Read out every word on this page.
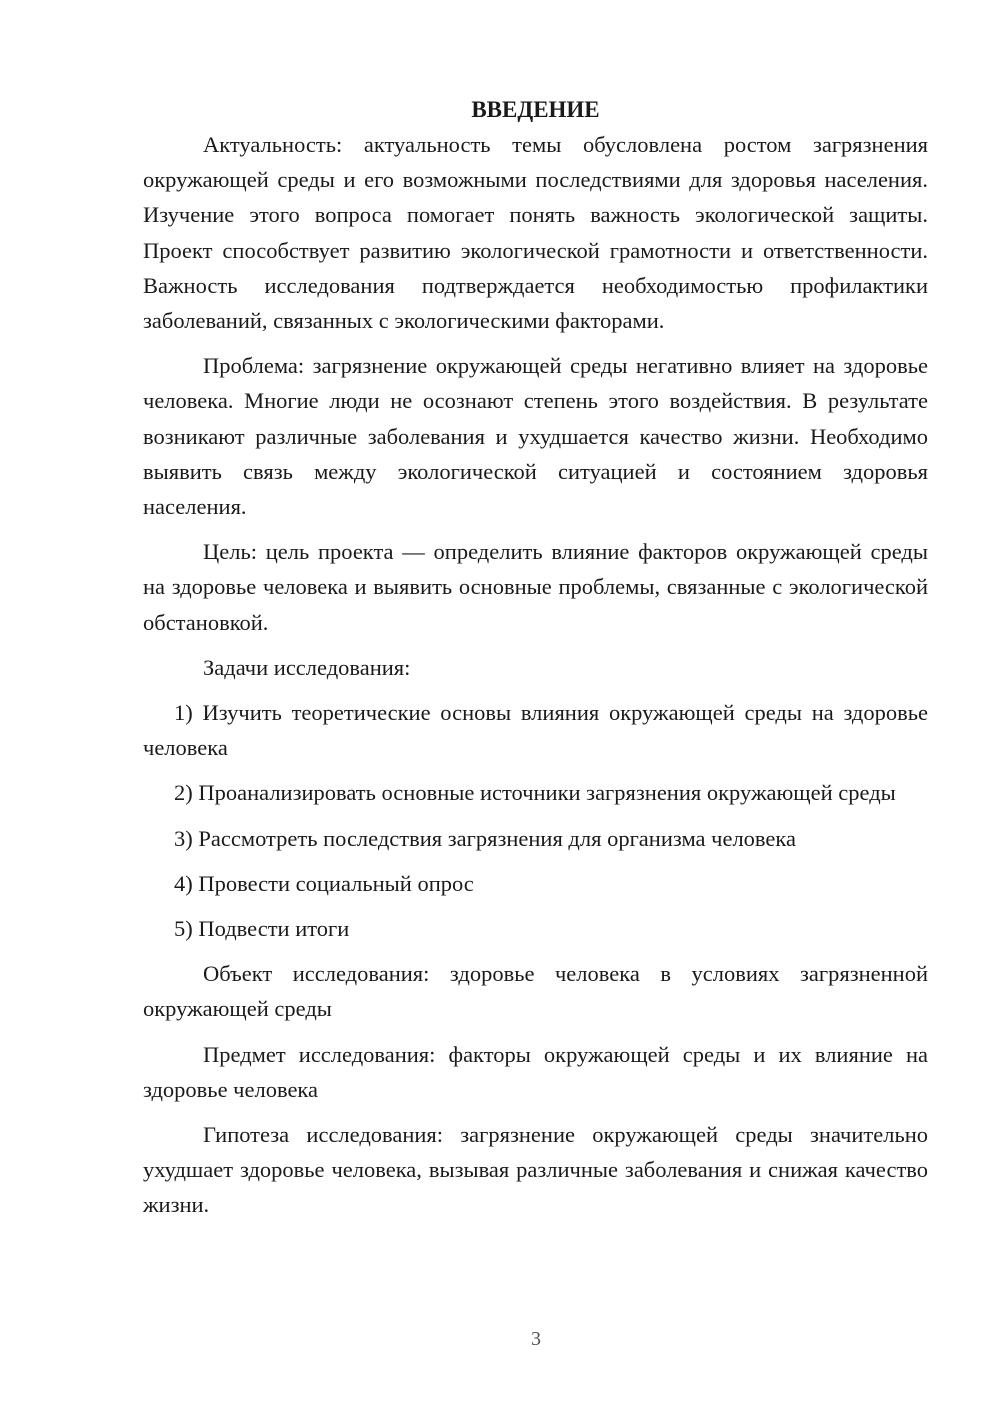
ВВЕДЕНИЕ

Актуальность: актуальность темы обусловлена ростом загрязнения окружающей среды и его возможными последствиями для здоровья населения. Изучение этого вопроса помогает понять важность экологической защиты. Проект способствует развитию экологической грамотности и ответственности. Важность исследования подтверждается необходимостью профилактики заболеваний, связанных с экологическими факторами.

Проблема: загрязнение окружающей среды негативно влияет на здоровье человека. Многие люди не осознают степень этого воздействия. В результате возникают различные заболевания и ухудшается качество жизни. Необходимо выявить связь между экологической ситуацией и состоянием здоровья населения.

Цель: цель проекта — определить влияние факторов окружающей среды на здоровье человека и выявить основные проблемы, связанные с экологической обстановкой.

Задачи исследования:

1) Изучить теоретические основы влияния окружающей среды на здоровье человека

2) Проанализировать основные источники загрязнения окружающей среды

3) Рассмотреть последствия загрязнения для организма человека

4) Провести социальный опрос

5) Подвести итоги

Объект исследования: здоровье человека в условиях загрязненной окружающей среды

Предмет исследования: факторы окружающей среды и их влияние на здоровье человека

Гипотеза исследования: загрязнение окружающей среды значительно ухудшает здоровье человека, вызывая различные заболевания и снижая качество жизни.

3
